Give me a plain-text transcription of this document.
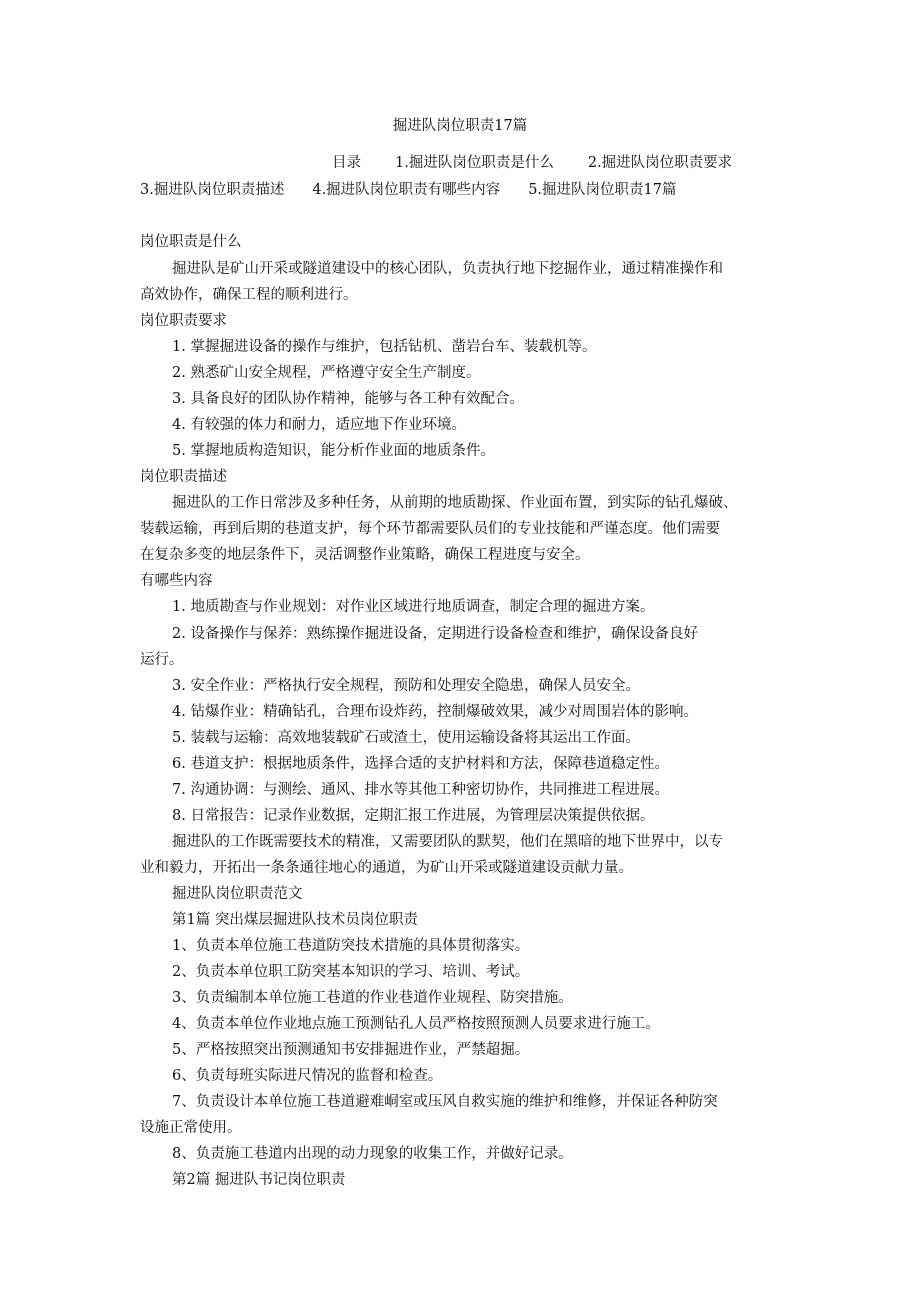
掘进队岗位职责17篇
目录 1.掘进队岗位职责是什么 2.掘进队岗位职责要求
3.掘进队岗位职责描述 4.掘进队岗位职责有哪些内容 5.掘进队岗位职责17篇
岗位职责是什么
掘进队是矿山开采或隧道建设中的核心团队，负责执行地下挖掘作业，通过精准操作和
高效协作，确保工程的顺利进行。
岗位职责要求
1. 掌握掘进设备的操作与维护，包括钻机、凿岩台车、装载机等。
2. 熟悉矿山安全规程，严格遵守安全生产制度。
3. 具备良好的团队协作精神，能够与各工种有效配合。
4. 有较强的体力和耐力，适应地下作业环境。
5. 掌握地质构造知识，能分析作业面的地质条件。
岗位职责描述
掘进队的工作日常涉及多种任务，从前期的地质勘探、作业面布置，到实际的钻孔爆破、
装载运输，再到后期的巷道支护，每个环节都需要队员们的专业技能和严谨态度。他们需要
在复杂多变的地层条件下，灵活调整作业策略，确保工程进度与安全。
有哪些内容
1. 地质勘查与作业规划：对作业区域进行地质调查，制定合理的掘进方案。
2. 设备操作与保养：熟练操作掘进设备，定期进行设备检查和维护，确保设备良好
运行。
3. 安全作业：严格执行安全规程，预防和处理安全隐患，确保人员安全。
4. 钻爆作业：精确钻孔，合理布设炸药，控制爆破效果，减少对周围岩体的影响。
5. 装载与运输：高效地装载矿石或渣土，使用运输设备将其运出工作面。
6. 巷道支护：根据地质条件，选择合适的支护材料和方法，保障巷道稳定性。
7. 沟通协调：与测绘、通风、排水等其他工种密切协作，共同推进工程进展。
8. 日常报告：记录作业数据，定期汇报工作进展，为管理层决策提供依据。
掘进队的工作既需要技术的精准，又需要团队的默契，他们在黑暗的地下世界中，以专
业和毅力，开拓出一条条通往地心的通道，为矿山开采或隧道建设贡献力量。
掘进队岗位职责范文
第1篇 突出煤层掘进队技术员岗位职责
1、负责本单位施工巷道防突技术措施的具体贯彻落实。
2、负责本单位职工防突基本知识的学习、培训、考试。
3、负责编制本单位施工巷道的作业巷道作业规程、防突措施。
4、负责本单位作业地点施工预测钻孔人员严格按照预测人员要求进行施工。
5、严格按照突出预测通知书安排掘进作业，严禁超掘。
6、负责每班实际进尺情况的监督和检查。
7、负责设计本单位施工巷道避难峒室或压风自救实施的维护和维修，并保证各种防突
设施正常使用。
8、负责施工巷道内出现的动力现象的收集工作，并做好记录。
第2篇 掘进队书记岗位职责
